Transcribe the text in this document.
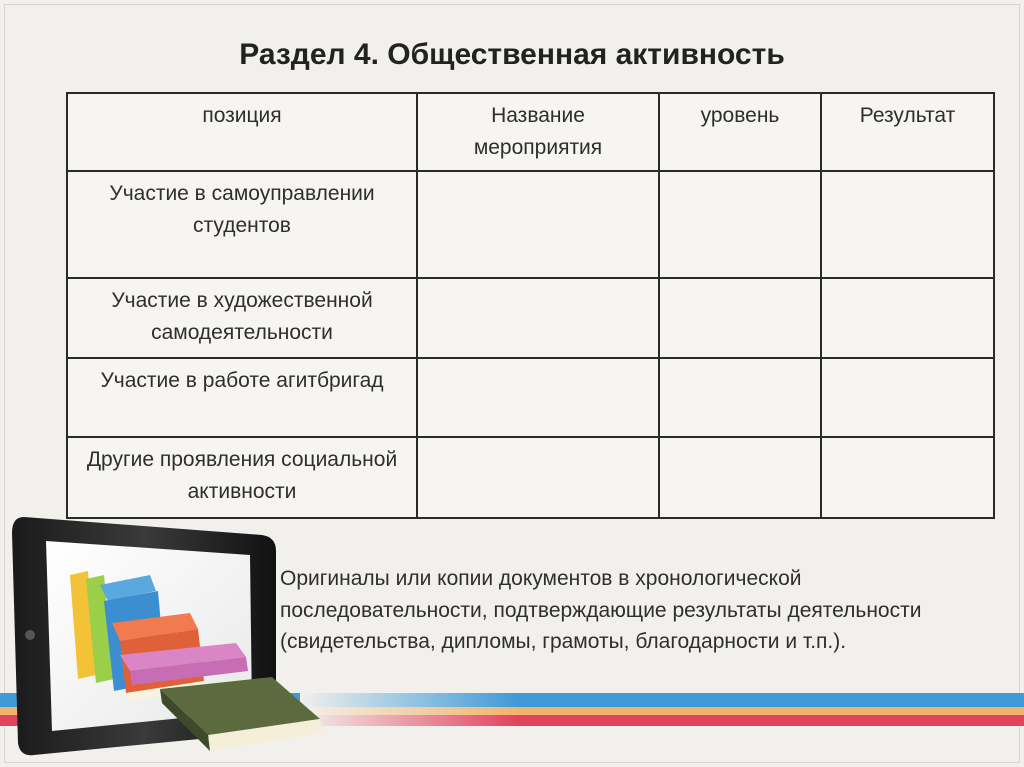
Раздел 4. Общественная активность
позиция	Название мероприятия	уровень	Результат
Участие в самоуправлении студентов			
Участие в художественной самодеятельности			
Участие в работе агитбригад			
Другие проявления социальной активности			

Оригиналы или копии документов в хронологической последовательности, подтверждающие результаты деятельности (свидетельства, дипломы, грамоты, благодарности и т.п.).
